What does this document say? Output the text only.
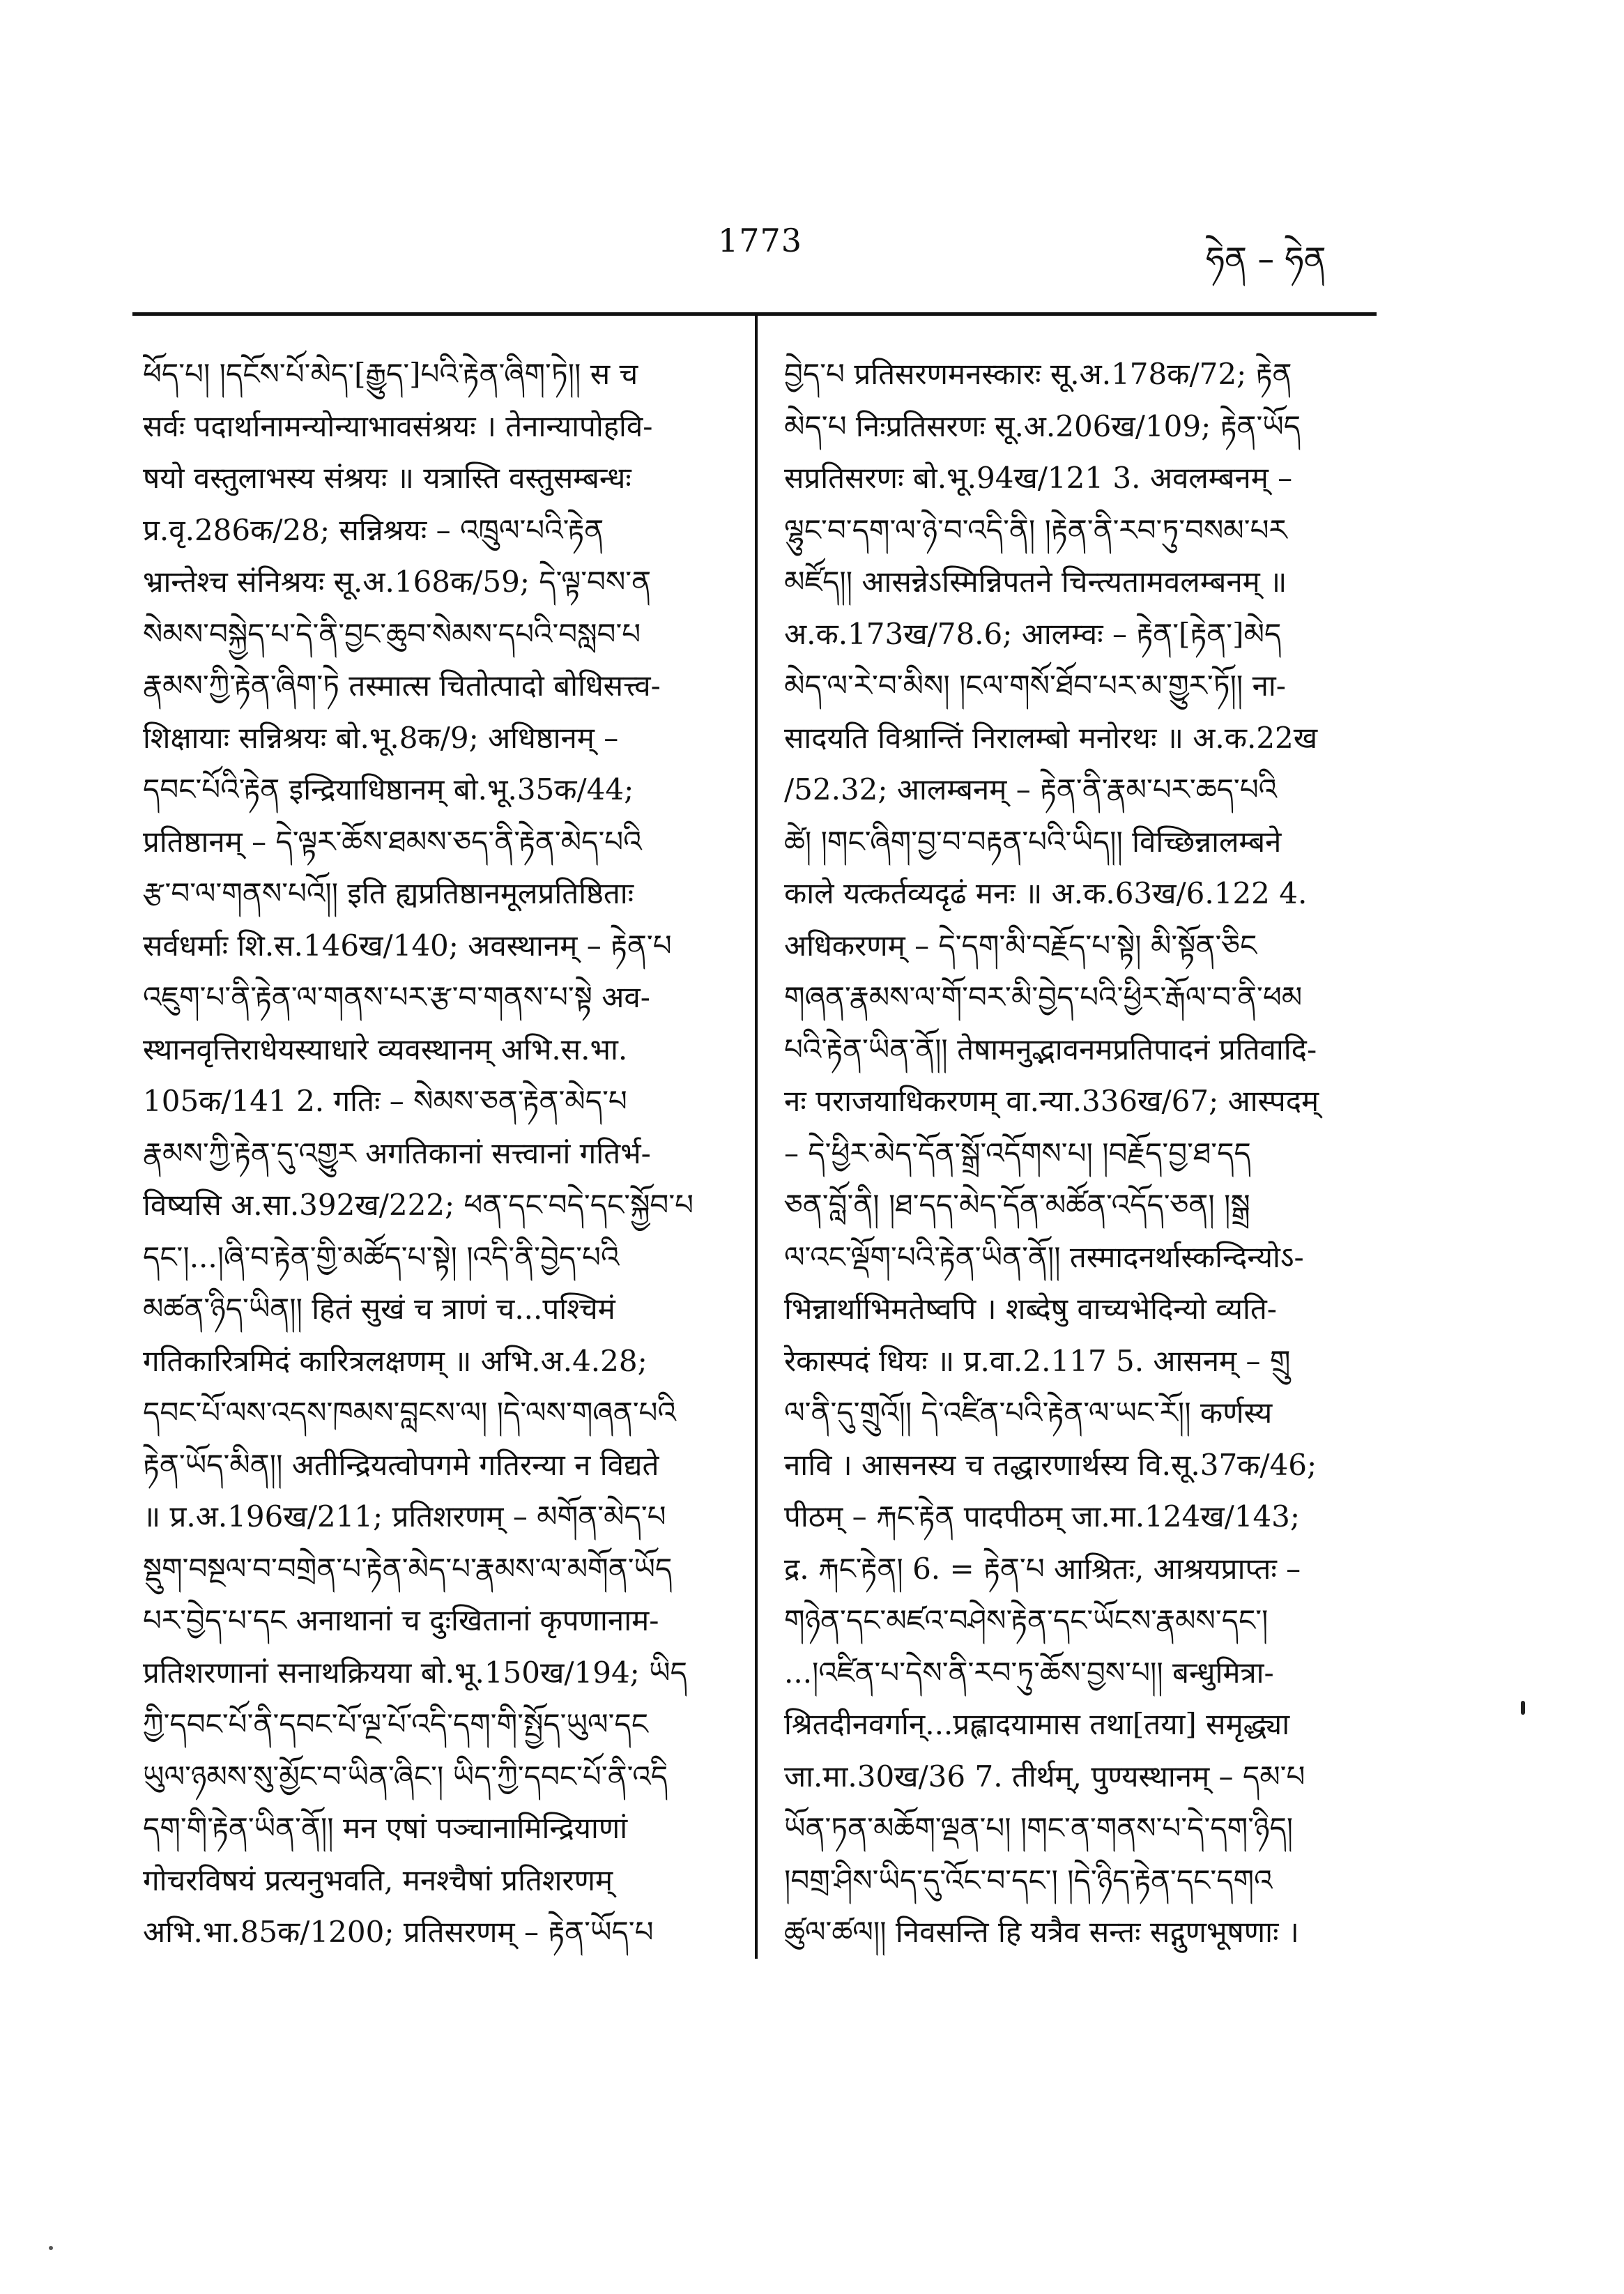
1773	ཧེན – ཧེན
ཕོད་པ། །དངོས་པོ་མེད་[རྒྱུད་]པའི་རྟེན་ཞིག་ཏེ།། स च
सर्वः पदार्थानामन्योन्याभावसंश्रयः । तेनान्यापोहवि-
षयो वस्तुलाभस्य संश्रयः ॥ यत्रास्ति वस्तुसम्बन्धः
प्र.वृ.286क/28; सन्निश्रयः – འཁྲུལ་པའི་རྟེན
भ्रान्तेश्च संनिश्रयः सू.अ.168क/59; དེ་ལྟ་བས་ན
སེམས་བསྐྱེད་པ་དེ་ནི་བྱང་ཆུབ་སེམས་དཔའི་བསླབ་པ
རྣམས་ཀྱི་རྟེན་ཞིག་ཏེ तस्मात्स चितोत्पादो बोधिसत्त्व-
शिक्षायाः सन्निश्रयः बो.भू.8क/9; अधिष्ठानम् –
དབང་པོའི་རྟེན इन्द्रियाधिष्ठानम् बो.भू.35क/44;
प्रतिष्ठानम् – དེ་ལྟར་ཆོས་ཐམས་ཅད་ནི་རྟེན་མེད་པའི
རྩ་བ་ལ་གནས་པའོ།། इति ह्यप्रतिष्ठानमूलप्रतिष्ठिताः
सर्वधर्माः शि.स.146ख/140; अवस्थानम् – རྟེན་པ
འཇུག་པ་ནི་རྟེན་ལ་གནས་པར་རྩ་བ་གནས་པ་སྟེ अव-
स्थानवृत्तिराधेयस्याधारे व्यवस्थानम् अभि.स.भा.
105क/141 2. गतिः – སེམས་ཅན་རྟེན་མེད་པ
རྣམས་ཀྱི་རྟེན་དུ་འགྱུར अगतिकानां सत्त्वानां गतिर्भ-
विष्यसि अ.सा.392ख/222; ཕན་དང་བདེ་དང་སྐྱོབ་པ
དང་།...།ཞི་བ་རྟེན་གྱི་མཚོད་པ་སྟེ། །འདི་ནི་བྱེད་པའི
མཚན་ཉིད་ཡིན།། हितं सुखं च त्राणं च...पश्चिमं
गतिकारित्रमिदं कारित्रलक्षणम् ॥ अभि.अ.4.28;
དབང་པོ་ལས་འདས་ཁམས་བླངས་ལ། །དེ་ལས་གཞན་པའི
རྟེན་ཡོད་མིན།། अतीन्द्रियत्वोपगमे गतिरन्या न विद्यते
॥ प्र.अ.196ख/211; प्रतिशरणम् – མགོན་མེད་པ
སྡུག་བསྔལ་བ་བགྲེན་པ་རྟེན་མེད་པ་རྣམས་ལ་མགོན་ཡོད
པར་བྱེད་པ་དང अनाथानां च दुःखितानां कृपणानाम-
प्रतिशरणानां सनाथक्रियया बो.भू.150ख/194; ཡིད
ཀྱི་དབང་པོ་ནི་དབང་པོ་ལྔ་པོ་འདི་དག་གི་སྤྱོད་ཡུལ་དང
ཡུལ་ཉམས་སུ་མྱོང་བ་ཡིན་ཞིང་། ཡིད་ཀྱི་དབང་པོ་ནི་འདི
དག་གི་རྟེན་ཡིན་ནོ།། मन एषां पञ्चानामिन्द्रियाणां
गोचरविषयं प्रत्यनुभवति, मनश्चैषां प्रतिशरणम्
अभि.भा.85क/1200; प्रतिसरणम् – རྟེན་ཡོད་པ
བྱེད་པ प्रतिसरणमनस्कारः सू.अ.178क/72; རྟེན
མེད་པ निःप्रतिसरणः सू.अ.206ख/109; རྟེན་ཡོད
सप्रतिसरणः बो.भू.94ख/121 3. अवलम्बनम् –
ལྷུང་བ་དག་ལ་ཉེ་བ་འདི་ནི། །རྟེན་ནི་རབ་ཏུ་བསམ་པར
མཛོད།། आसन्नेऽस्मिन्निपतने चिन्त्यतामवलम्बनम् ॥
अ.क.173ख/78.6; आलम्वः – རྟེན་[རྟེན་]མེད
མེད་ལ་རེ་བ་མིས། །ངལ་གསོ་ཐོབ་པར་མ་གྱུར་ཏོ།། ना-
सादयति विश्रान्तिं निरालम्बो मनोरथः ॥ अ.क.22ख
/52.32; आलम्बनम् – རྟེན་ནི་རྣམ་པར་ཆད་པའི
ཚེ། །གང་ཞིག་བྱ་བ་བརྟན་པའི་ཡིད།། विच्छिन्नालम्बने
काले यत्कर्तव्यदृढं मनः ॥ अ.क.63ख/6.122 4.
अधिकरणम् – དེ་དག་མི་བརྗོད་པ་སྟེ། མི་སྟོན་ཅིང
གཞན་རྣམས་ལ་གོ་བར་མི་བྱེད་པའི་ཕྱིར་རྒོལ་བ་ནི་ཕམ
པའི་རྟེན་ཡིན་ནོ།། तेषामनुद्भावनमप्रतिपादनं प्रतिवादि-
नः पराजयाधिकरणम् वा.न्या.336ख/67; आस्पदम्
– དེ་ཕྱིར་མེད་དོན་སྒྲོ་འདོགས་པ། །བརྗོད་བྱ་ཐ་དད
ཅན་བློ་ནི། །ཐ་དད་མེད་དོན་མཚོན་འདོད་ཅན། །སྒྲ
ལ་འང་ལྡོག་པའི་རྟེན་ཡིན་ནོ།། तस्मादनर्थास्कन्दिन्योऽ-
भिन्नार्थाभिमतेष्वपि । शब्देषु वाच्यभेदिन्यो व्यति-
रेकास्पदं धियः ॥ प्र.वा.2.117 5. आसनम् – གྲུ
ལ་ནི་དུ་གྲུའོ།། དེ་འཛིན་པའི་རྟེན་ལ་ཡང་རོ།། कर्णस्य
नावि । आसनस्य च तद्धारणार्थस्य वि.सू.37क/46;
पीठम् – རྐང་རྟེན पादपीठम् जा.मा.124ख/143;
द्र. རྐང་རྟེན། 6. = རྟེན་པ आश्रितः, आश्रयप्राप्तः –
གཉེན་དང་མཛའ་བཤེས་རྟེན་དང་ཡོངས་རྣམས་དང་།
...།འཛིན་པ་དེས་ནི་རབ་ཏུ་ཆོས་བྱས་པ།། बन्धुमित्रा-
श्रितदीनवर्गान्...प्रह्लादयामास तथा[तया] समृद्ध्या
जा.मा.30ख/36 7. तीर्थम्, पुण्यस्थानम् – དམ་པ
ཡོན་ཏན་མཆོག་ལྡན་པ། །གང་ན་གནས་པ་དེ་དག་ཉིད།
།བགྲ་ཤིས་ཡིད་དུ་འོང་བ་དང་། །དེ་ཉིད་རྟེན་དང་དགའ
ཚུལ་ཚལ།། निवसन्ति हि यत्रैव सन्तः सद्गुणभूषणाः ।
